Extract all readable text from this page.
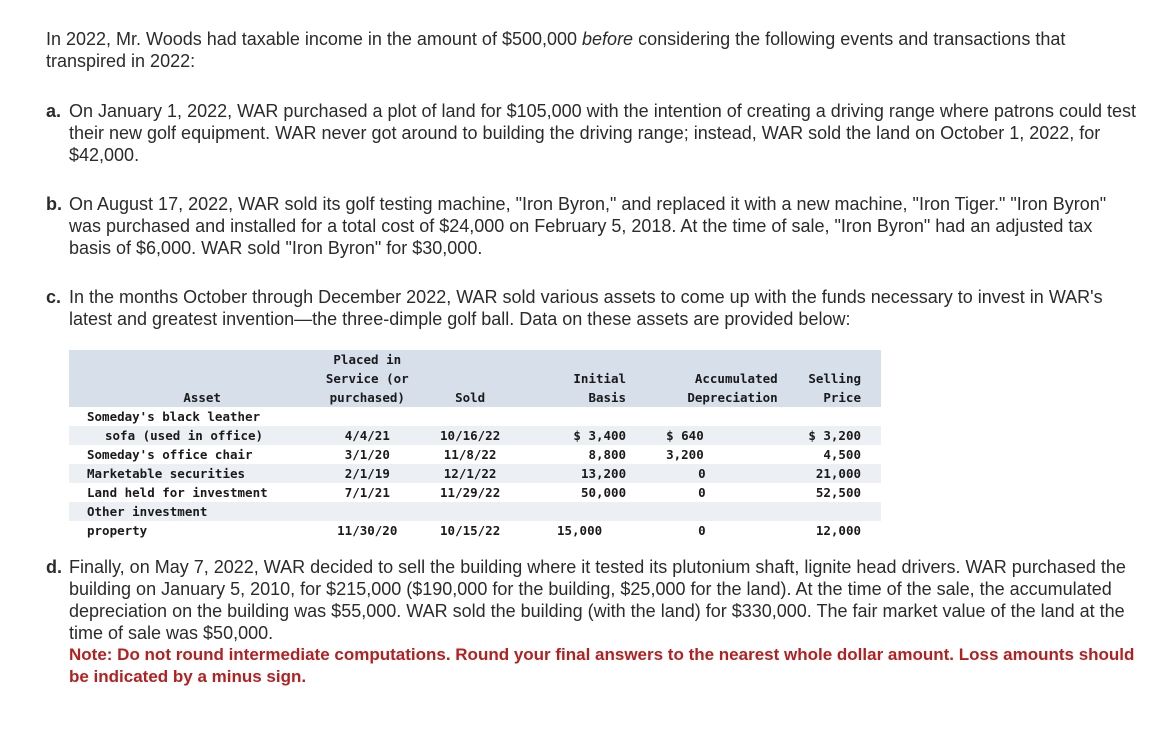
In 2022, Mr. Woods had taxable income in the amount of $500,000 before considering the following events and transactions that transpired in 2022:

a. On January 1, 2022, WAR purchased a plot of land for $105,000 with the intention of creating a driving range where patrons could test their new golf equipment. WAR never got around to building the driving range; instead, WAR sold the land on October 1, 2022, for $42,000.
b. On August 17, 2022, WAR sold its golf testing machine, "Iron Byron," and replaced it with a new machine, "Iron Tiger." "Iron Byron" was purchased and installed for a total cost of $24,000 on February 5, 2018. At the time of sale, "Iron Byron" had an adjusted tax basis of $6,000. WAR sold "Iron Byron" for $30,000.
c. In the months October through December 2022, WAR sold various assets to come up with the funds necessary to invest in WAR's latest and greatest invention—the three-dimple golf ball. Data on these assets are provided below:
	Placed in				
	Service (or		Initial	Accumulated	Selling
Asset	purchased)	Sold	Basis	Depreciation	Price
Someday's black leather					
sofa (used in office)	4/4/21	10/16/22	$ 3,400	$ 640	$ 3,200
Someday's office chair	3/1/20	11/8/22	8,800	3,200	4,500
Marketable securities	2/1/19	12/1/22	13,200	0	21,000
Land held for investment	7/1/21	11/29/22	50,000	0	52,500
Other investment					
property	11/30/20	10/15/22	15,000	0	12,000
d. Finally, on May 7, 2022, WAR decided to sell the building where it tested its plutonium shaft, lignite head drivers. WAR purchased the building on January 5, 2010, for $215,000 ($190,000 for the building, $25,000 for the land). At the time of the sale, the accumulated depreciation on the building was $55,000. WAR sold the building (with the land) for $330,000. The fair market value of the land at the time of sale was $50,000.

Note: Do not round intermediate computations. Round your final answers to the nearest whole dollar amount. Loss amounts should be indicated by a minus sign.
